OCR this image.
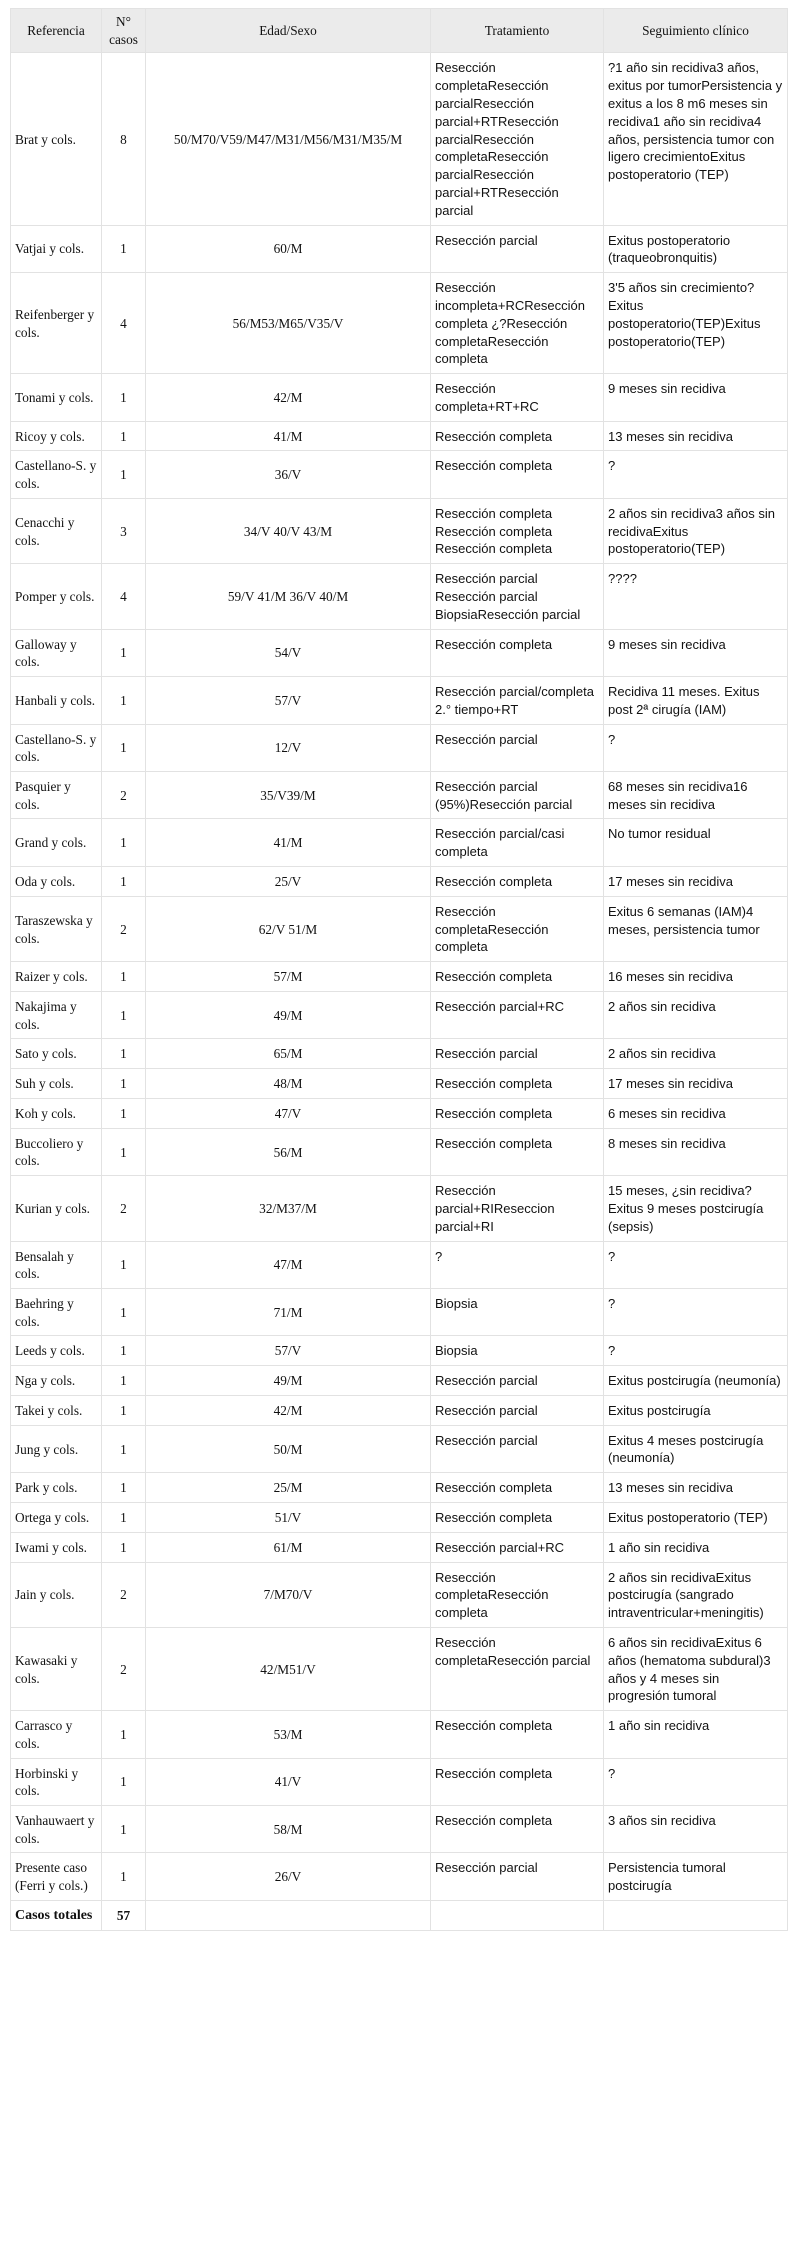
Referencia	N° casos	Edad/Sexo	Tratamiento	Seguimiento clínico
Brat y cols.	8	50/M70/V59/M47/M31/M56/M31/M35/M	Resección completaResección parcialResección parcial+RTResección parcialResección completaResección parcialResección parcial+RTResección parcial	?1 año sin recidiva3 años, exitus por tumorPersistencia y exitus a los 8 m6 meses sin recidiva1 año sin recidiva4 años, persistencia tumor con ligero crecimientoExitus postoperatorio (TEP)
Vatjai y cols.	1	60/M	Resección parcial	Exitus postoperatorio (traqueobronquitis)
Reifenberger y cols.	4	56/M53/M65/V35/V	Resección incompleta+RCResección completa ¿?Resección completaResección completa	3'5 años sin crecimiento?Exitus postoperatorio(TEP)Exitus postoperatorio(TEP)
Tonami y cols.	1	42/M	Resección completa+RT+RC	9 meses sin recidiva
Ricoy y cols.	1	41/M	Resección completa	13 meses sin recidiva
Castellano-S. y cols.	1	36/V	Resección completa	?
Cenacchi y cols.	3	34/V 40/V 43/M	Resección completa Resección completa Resección completa	2 años sin recidiva3 años sin recidivaExitus postoperatorio(TEP)
Pomper y cols.	4	59/V 41/M 36/V 40/M	Resección parcial Resección parcial BiopsiaResección parcial	????
Galloway y cols.	1	54/V	Resección completa	9 meses sin recidiva
Hanbali y cols.	1	57/V	Resección parcial/completa 2.° tiempo+RT	Recidiva 11 meses. Exitus post 2ª cirugía (IAM)
Castellano-S. y cols.	1	12/V	Resección parcial	?
Pasquier y cols.	2	35/V39/M	Resección parcial (95%)Resección parcial	68 meses sin recidiva16 meses sin recidiva
Grand y cols.	1	41/M	Resección parcial/casi completa	No tumor residual
Oda y cols.	1	25/V	Resección completa	17 meses sin recidiva
Taraszewska y cols.	2	62/V 51/M	Resección completaResección completa	Exitus 6 semanas (IAM)4 meses, persistencia tumor
Raizer y cols.	1	57/M	Resección completa	16 meses sin recidiva
Nakajima y cols.	1	49/M	Resección parcial+RC	2 años sin recidiva
Sato y cols.	1	65/M	Resección parcial	2 años sin recidiva
Suh y cols.	1	48/M	Resección completa	17 meses sin recidiva
Koh y cols.	1	47/V	Resección completa	6 meses sin recidiva
Buccoliero y cols.	1	56/M	Resección completa	8 meses sin recidiva
Kurian y cols.	2	32/M37/M	Resección parcial+RIReseccion parcial+RI	15 meses, ¿sin recidiva?Exitus 9 meses postcirugía (sepsis)
Bensalah y cols.	1	47/M	?	?
Baehring y cols.	1	71/M	Biopsia	?
Leeds y cols.	1	57/V	Biopsia	?
Nga y cols.	1	49/M	Resección parcial	Exitus postcirugía (neumonía)
Takei y cols.	1	42/M	Resección parcial	Exitus postcirugía
Jung y cols.	1	50/M	Resección parcial	Exitus 4 meses postcirugía (neumonía)
Park y cols.	1	25/M	Resección completa	13 meses sin recidiva
Ortega y cols.	1	51/V	Resección completa	Exitus postoperatorio (TEP)
Iwami y cols.	1	61/M	Resección parcial+RC	1 año sin recidiva
Jain y cols.	2	7/M70/V	Resección completaResección completa	2 años sin recidivaExitus postcirugía (sangrado intraventricular+meningitis)
Kawasaki y cols.	2	42/M51/V	Resección completaResección parcial	6 años sin recidivaExitus 6 años (hematoma subdural)3 años y 4 meses sin progresión tumoral
Carrasco y cols.	1	53/M	Resección completa	1 año sin recidiva
Horbinski y cols.	1	41/V	Resección completa	?
Vanhauwaert y cols.	1	58/M	Resección completa	3 años sin recidiva
Presente caso (Ferri y cols.)	1	26/V	Resección parcial	Persistencia tumoral postcirugía
Casos totales	57			
